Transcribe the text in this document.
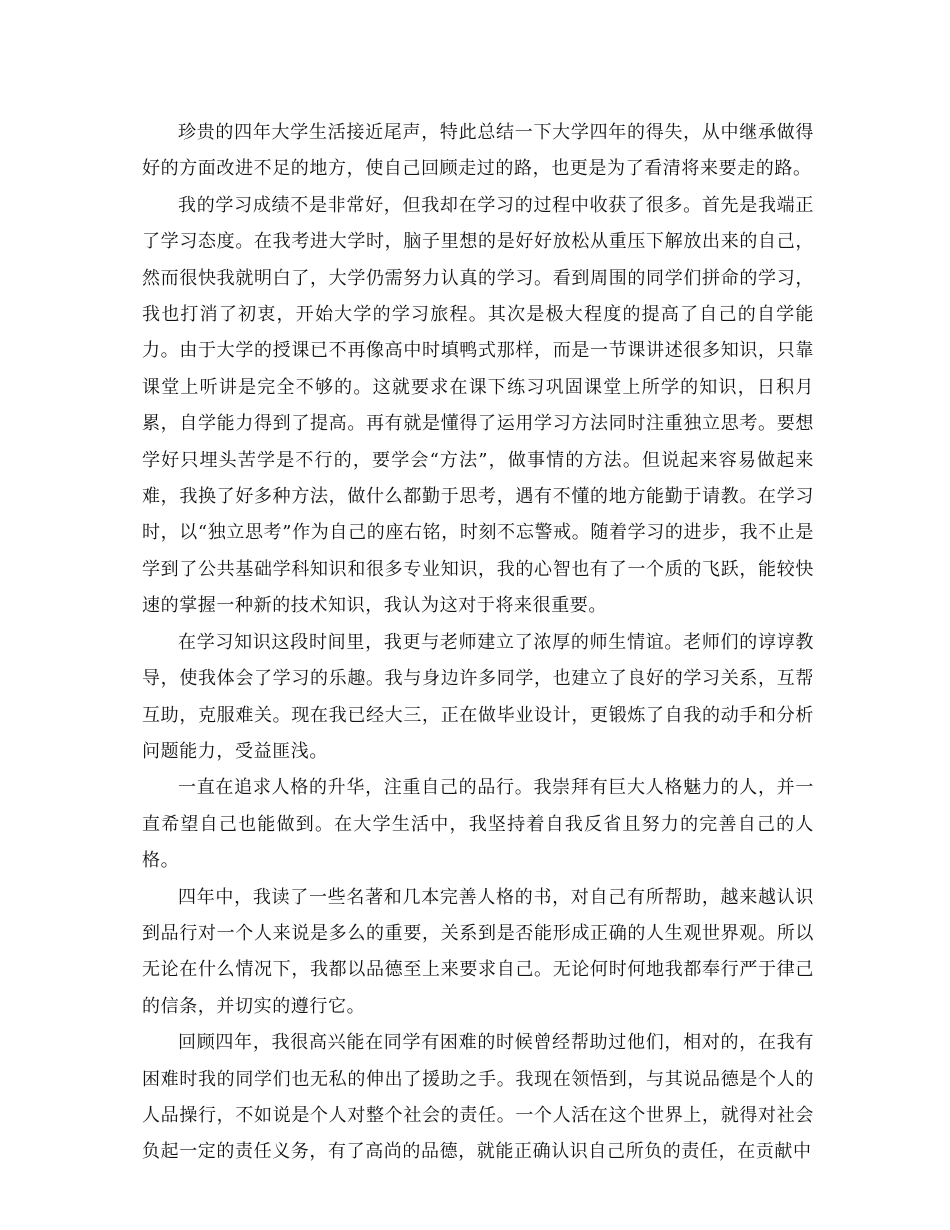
珍贵的四年大学生活接近尾声，特此总结一下大学四年的得失，从中继承做得好的方面改进不足的地方，使自己回顾走过的路，也更是为了看清将来要走的路。

我的学习成绩不是非常好，但我却在学习的过程中收获了很多。首先是我端正了学习态度。在我考进大学时，脑子里想的是好好放松从重压下解放出来的自己，然而很快我就明白了，大学仍需努力认真的学习。看到周围的同学们拼命的学习，我也打消了初衷，开始大学的学习旅程。其次是极大程度的提高了自己的自学能力。由于大学的授课已不再像高中时填鸭式那样，而是一节课讲述很多知识，只靠课堂上听讲是完全不够的。这就要求在课下练习巩固课堂上所学的知识，日积月累，自学能力得到了提高。再有就是懂得了运用学习方法同时注重独立思考。要想学好只埋头苦学是不行的，要学会“方法”，做事情的方法。但说起来容易做起来难，我换了好多种方法，做什么都勤于思考，遇有不懂的地方能勤于请教。在学习时，以“独立思考”作为自己的座右铭，时刻不忘警戒。随着学习的进步，我不止是学到了公共基础学科知识和很多专业知识，我的心智也有了一个质的飞跃，能较快速的掌握一种新的技术知识，我认为这对于将来很重要。

在学习知识这段时间里，我更与老师建立了浓厚的师生情谊。老师们的谆谆教导，使我体会了学习的乐趣。我与身边许多同学，也建立了良好的学习关系，互帮互助，克服难关。现在我已经大三，正在做毕业设计，更锻炼了自我的动手和分析问题能力，受益匪浅。

一直在追求人格的升华，注重自己的品行。我崇拜有巨大人格魅力的人，并一直希望自己也能做到。在大学生活中，我坚持着自我反省且努力的完善自己的人格。

四年中，我读了一些名著和几本完善人格的书，对自己有所帮助，越来越认识到品行对一个人来说是多么的重要，关系到是否能形成正确的人生观世界观。所以无论在什么情况下，我都以品德至上来要求自己。无论何时何地我都奉行严于律己的信条，并切实的遵行它。

回顾四年，我很高兴能在同学有困难的时候曾经帮助过他们，相对的，在我有困难时我的同学们也无私的伸出了援助之手。我现在领悟到，与其说品德是个人的人品操行，不如说是个人对整个社会的责任。一个人活在这个世界上，就得对社会负起一定的责任义务，有了高尚的品德，就能正确认识自己所负的责任，在贡献中
